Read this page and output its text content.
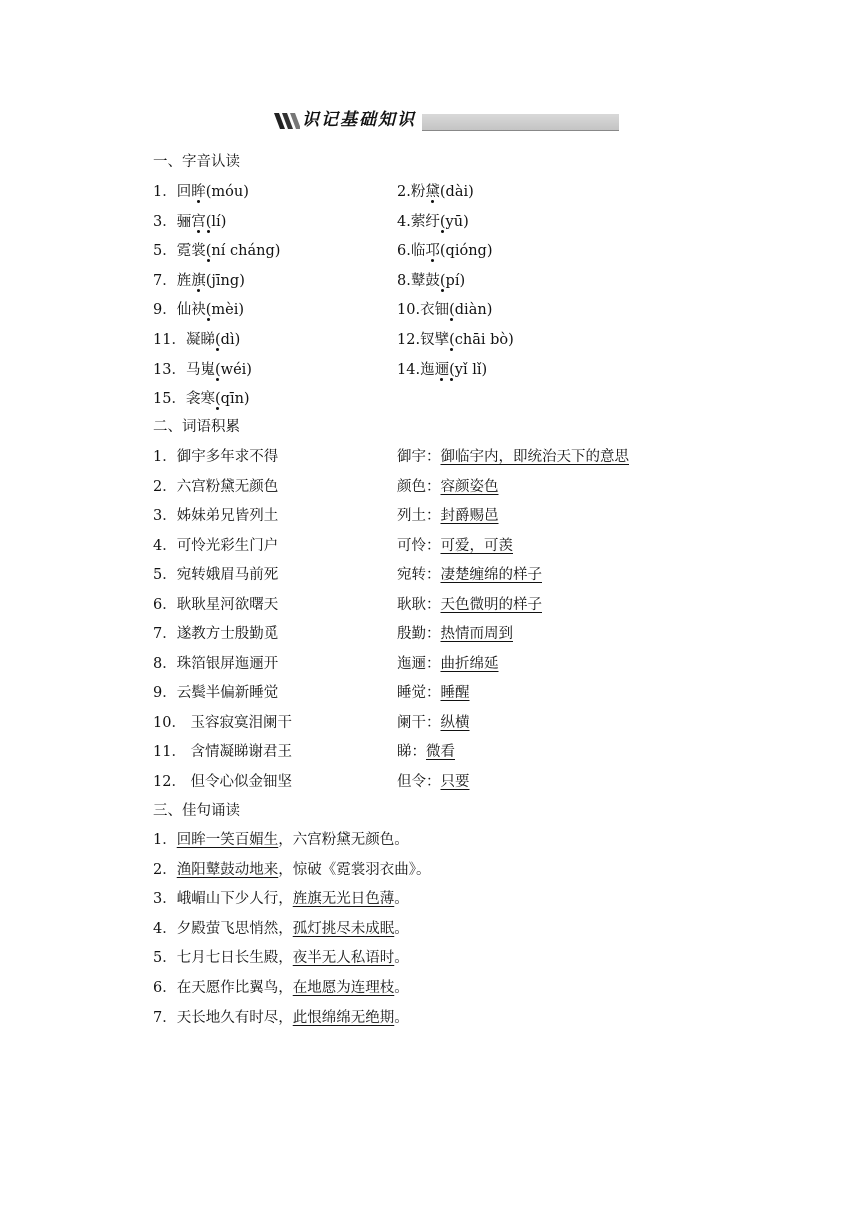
识记基础知识
一、字音认读
1．回眸(móu)	2.粉黛(dài)
3．骊宫(lí)	4.萦纡(yū)
5．霓裳(ní cháng)	6.临邛(qióng)
7．旌旗(jīng)	8.鼙鼓(pí)
9．仙袂(mèi)	10.衣钿(diàn)
11．凝睇(dì)	12.钗擘(chāi bò)
13．马嵬(wéi)	14.迤逦(yǐ lǐ)
15．衾寒(qīn)
二、词语积累
1．御宇多年求不得	御宇：御临宇内，即统治天下的意思
2．六宫粉黛无颜色	颜色：容颜姿色
3．姊妹弟兄皆列土	列土：封爵赐邑
4．可怜光彩生门户	可怜：可爱，可羡
5．宛转娥眉马前死	宛转：凄楚缠绵的样子
6．耿耿星河欲曙天	耿耿：天色微明的样子
7．遂教方士殷勤觅	殷勤：热情而周到
8．珠箔银屏迤逦开	迤逦：曲折绵延
9．云鬓半偏新睡觉	睡觉：睡醒
10． 玉容寂寞泪阑干	阑干：纵横
11． 含情凝睇谢君王	睇：微看
12． 但令心似金钿坚	但令：只要
三、佳句诵读
1．回眸一笑百媚生，六宫粉黛无颜色。
2．渔阳鼙鼓动地来，惊破《霓裳羽衣曲》。
3．峨嵋山下少人行，旌旗无光日色薄。
4．夕殿萤飞思悄然，孤灯挑尽未成眠。
5．七月七日长生殿，夜半无人私语时。
6．在天愿作比翼鸟，在地愿为连理枝。
7．天长地久有时尽，此恨绵绵无绝期。
